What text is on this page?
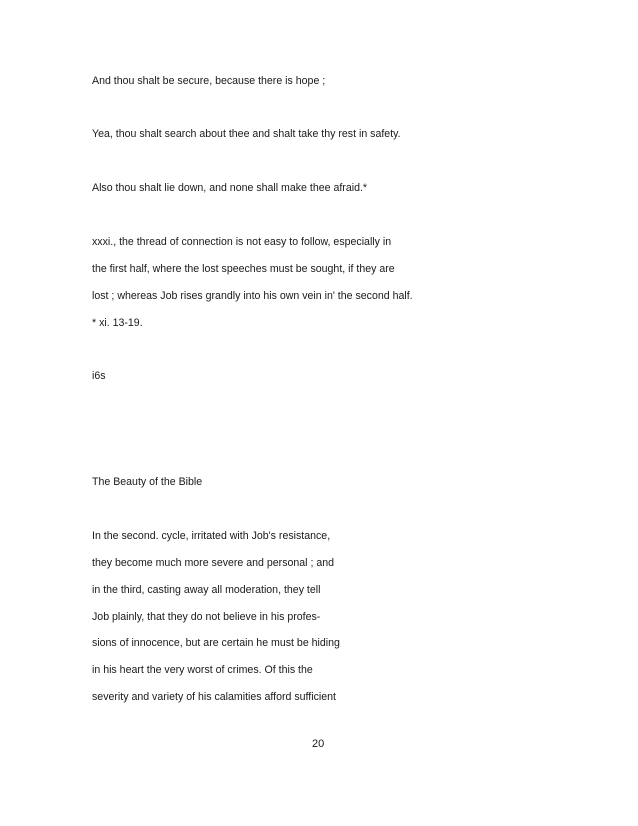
And thou shalt be secure, because there is hope ;
Yea, thou shalt search about thee and shalt take thy rest in safety.
Also thou shalt lie down, and none shall make thee afraid.*
xxxi., the thread of connection is not easy to follow, especially in
the first half, where the lost speeches must be sought, if they are
lost ; whereas Job rises grandly into his own vein in' the second half.
* xi. 13-19.
i6s
The Beauty of the Bible
In the second. cycle, irritated with Job's resistance,
they become much more severe and personal ; and
in the third, casting away all moderation, they tell
Job plainly, that they do not believe in his profes-
sions of innocence, but are certain he must be hiding
in his heart the very worst of crimes. Of this the
severity and variety of his calamities afford sufficient
20
